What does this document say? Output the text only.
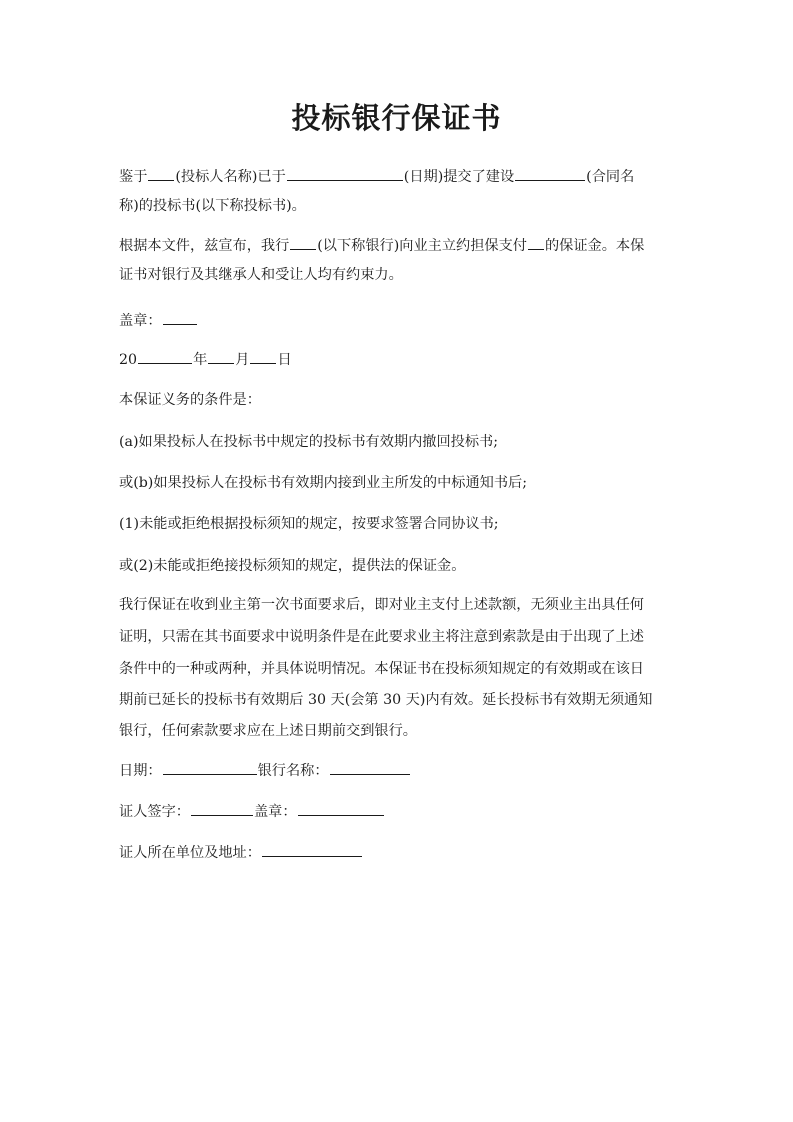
投标银行保证书
鉴于 (投标人名称)已于	(日期)提交了建设	(合同名
称)的投标书(以下称投标书)。
根据本文件，兹宣布，我行 (以下称银行)向业主立约担保支付 的保证金。本保
证书对银行及其继承人和受让人均有约束力。
盖章：
20	年 月 日
本保证义务的条件是：
(a)如果投标人在投标书中规定的投标书有效期内撤回投标书;
或(b)如果投标人在投标书有效期内接到业主所发的中标通知书后;
(1)未能或拒绝根据投标须知的规定，按要求签署合同协议书;
或(2)未能或拒绝接投标须知的规定，提供法的保证金。
我行保证在收到业主第一次书面要求后，即对业主支付上述款额，无须业主出具任何
证明，只需在其书面要求中说明条件是在此要求业主将注意到索款是由于出现了上述
条件中的一种或两种，并具体说明情况。本保证书在投标须知规定的有效期或在该日
期前已延长的投标书有效期后 30 天(会第 30 天)内有效。延长投标书有效期无须通知
银行，任何索款要求应在上述日期前交到银行。
日期：	银行名称：
证人签字：	盖章：
证人所在单位及地址：
